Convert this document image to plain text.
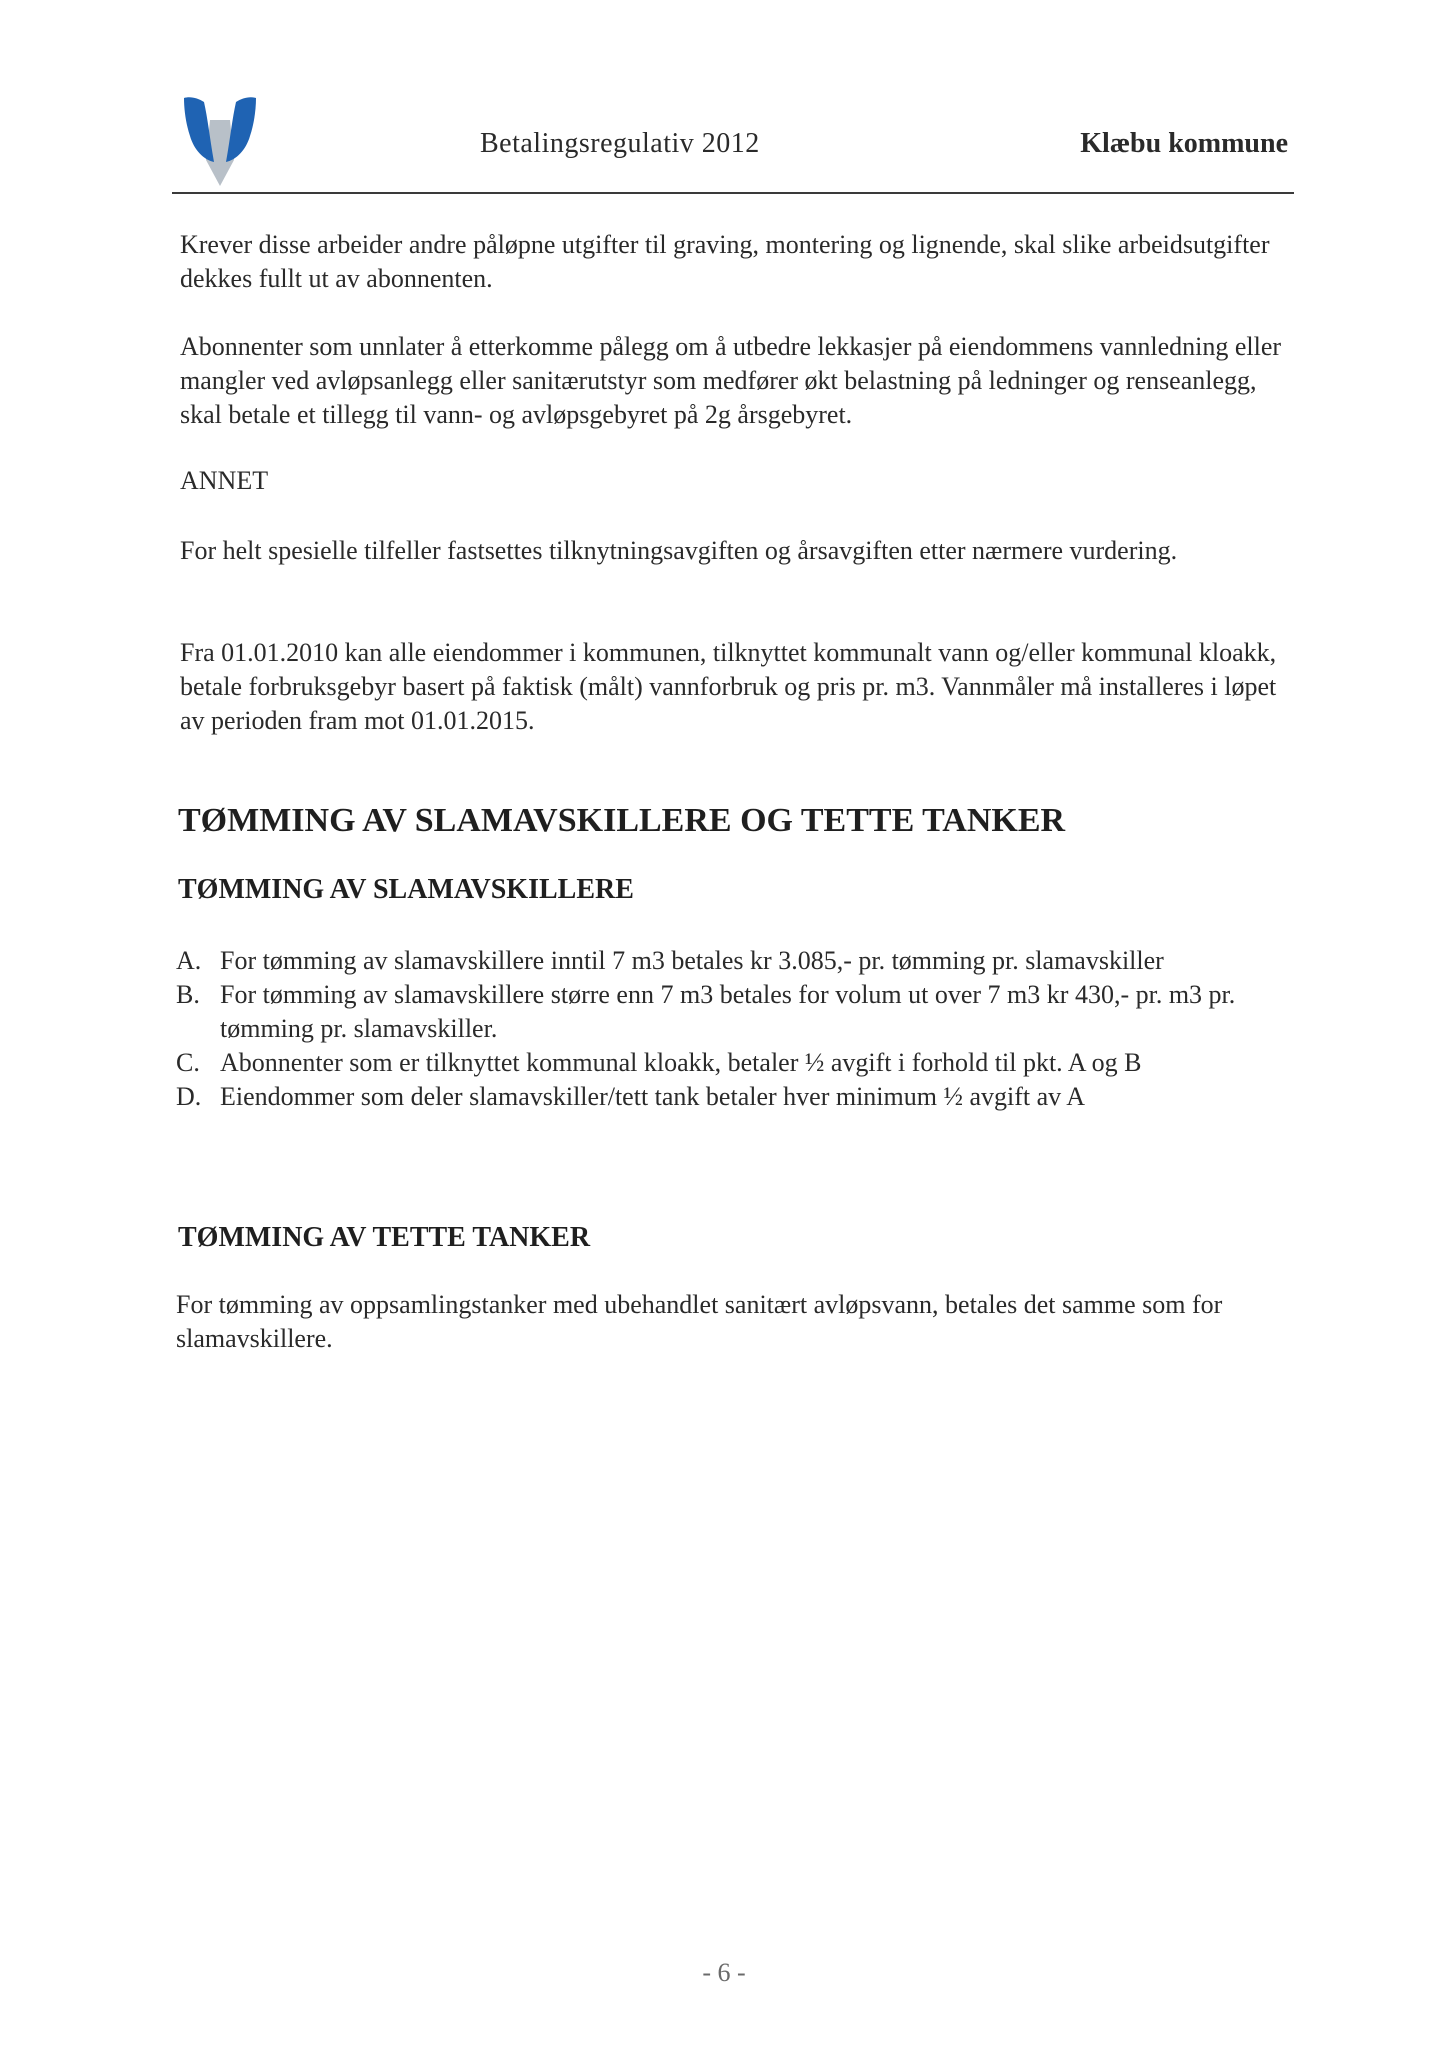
Betalingsregulativ 2012	Klæbu kommune
Krever disse arbeider andre påløpne utgifter til graving, montering og lignende, skal slike arbeidsutgifter dekkes fullt ut av abonnenten.
Abonnenter som unnlater å etterkomme pålegg om å utbedre lekkasjer på eiendommens vannledning eller mangler ved avløpsanlegg eller sanitærutstyr som medfører økt belastning på ledninger og renseanlegg, skal betale et tillegg til vann- og avløpsgebyret på 2g årsgebyret.
ANNET
For helt spesielle tilfeller fastsettes tilknytningsavgiften og årsavgiften etter nærmere vurdering.
Fra 01.01.2010 kan alle eiendommer i kommunen, tilknyttet kommunalt vann og/eller kommunal kloakk, betale forbruksgebyr basert på faktisk (målt) vannforbruk og pris pr. m3. Vannmåler må installeres i løpet av perioden fram mot 01.01.2015.
TØMMING AV SLAMAVSKILLERE OG TETTE TANKER
TØMMING AV SLAMAVSKILLERE
A. For tømming av slamavskillere inntil 7 m3 betales kr 3.085,- pr. tømming pr. slamavskiller
B. For tømming av slamavskillere større enn 7 m3 betales for volum ut over 7 m3 kr 430,- pr. m3 pr. tømming pr. slamavskiller.
C. Abonnenter som er tilknyttet kommunal kloakk, betaler ½ avgift i forhold til pkt. A og B
D. Eiendommer som deler slamavskiller/tett tank betaler hver minimum ½ avgift av A
TØMMING AV TETTE TANKER
For tømming av oppsamlingstanker med ubehandlet sanitært avløpsvann, betales det samme som for slamavskillere.
- 6 -
